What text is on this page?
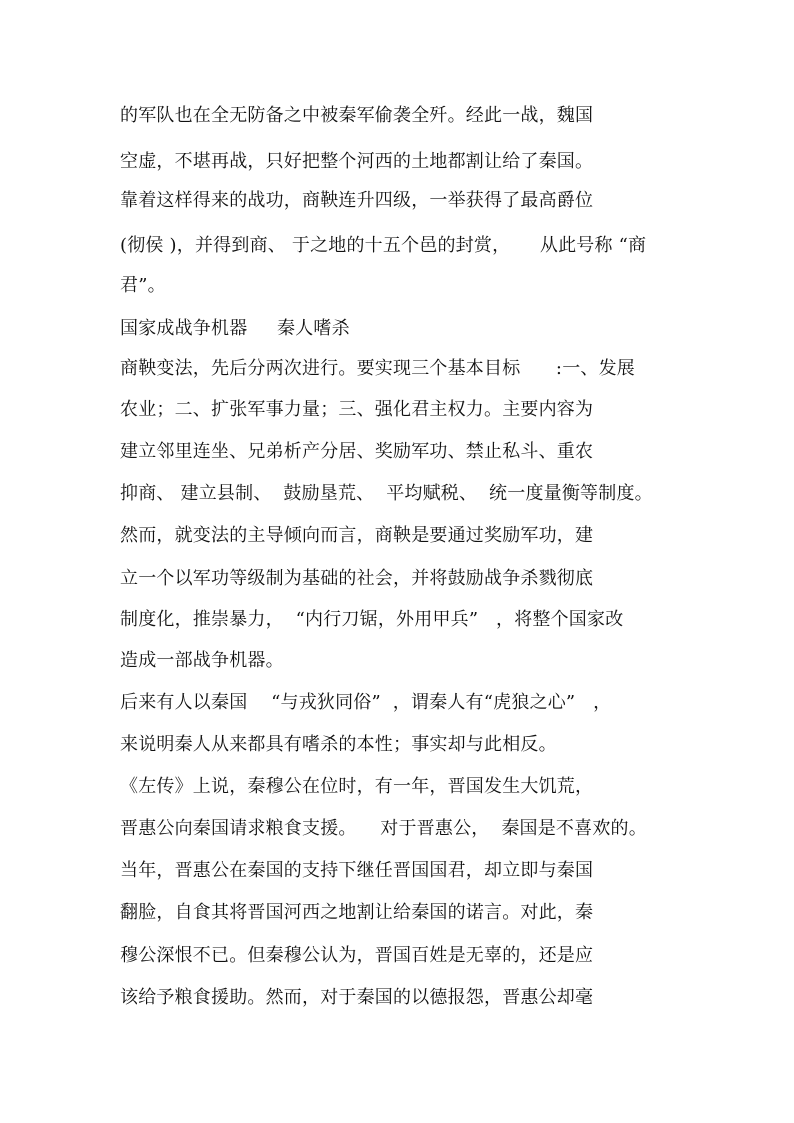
的军队也在全无防备之中被秦军偷袭全歼。经此一战，魏国
空虚，不堪再战，只好把整个河西的土地都割让给了秦国。
靠着这样得来的战功，商鞅连升四级，一举获得了最高爵位
(彻侯 )，并得到商、 于之地的十五个邑的封赏，     从此号称 “商
君”。
国家成战争机器     秦人嗜杀
商鞅变法，先后分两次进行。要实现三个基本目标      :一、发展
农业；二、扩张军事力量；三、强化君主权力。主要内容为
建立邻里连坐、兄弟析产分居、奖励军功、禁止私斗、重农
抑商、 建立县制、  鼓励垦荒、  平均赋税、  统一度量衡等制度。
然而，就变法的主导倾向而言，商鞅是要通过奖励军功，建
立一个以军功等级制为基础的社会，并将鼓励战争杀戮彻底
制度化，推崇暴力，  “内行刀锯，外用甲兵”   ，将整个国家改
造成一部战争机器。
后来有人以秦国    “与戎狄同俗”  ，谓秦人有“虎狼之心”   ，
来说明秦人从来都具有嗜杀的本性；事实却与此相反。
《左传》上说，秦穆公在位时，有一年，晋国发生大饥荒，
晋惠公向秦国请求粮食支援。    对于晋惠公，  秦国是不喜欢的。
当年，晋惠公在秦国的支持下继任晋国国君，却立即与秦国
翻脸，自食其将晋国河西之地割让给秦国的诺言。对此，秦
穆公深恨不已。但秦穆公认为，晋国百姓是无辜的，还是应
该给予粮食援助。然而，对于秦国的以德报怨，晋惠公却毫
